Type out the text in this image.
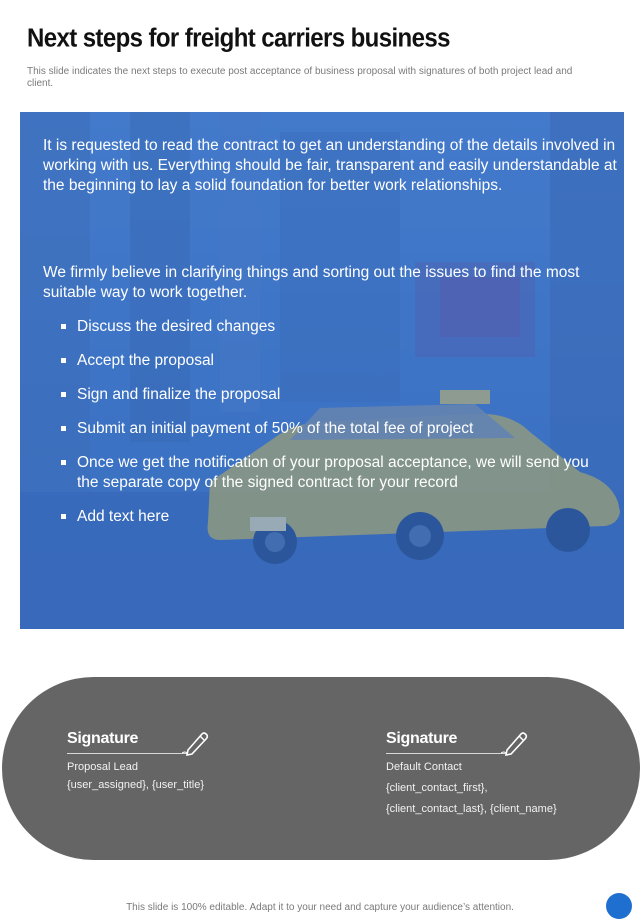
Next steps for freight carriers business
This slide indicates the next steps to execute post acceptance of business proposal with signatures of both project lead and client.
It is requested to read the contract to get an understanding of the details involved in working with us. Everything should be fair, transparent and easily understandable at the beginning to lay a solid foundation for better work relationships.
We firmly believe in clarifying things and sorting out the issues to find the most suitable way to work together.
Discuss the desired changes
Accept the proposal
Sign and finalize the proposal
Submit an initial payment of 50% of the total fee of project
Once we get the notification of your proposal acceptance, we will send you the separate copy of the signed contract for your record
Add text here
Signature
Proposal Lead
{user_assigned}, {user_title}
Signature
Default Contact
{client_contact_first},
{client_contact_last}, {client_name}
This slide is 100% editable. Adapt it to your need and capture your audience’s attention.
